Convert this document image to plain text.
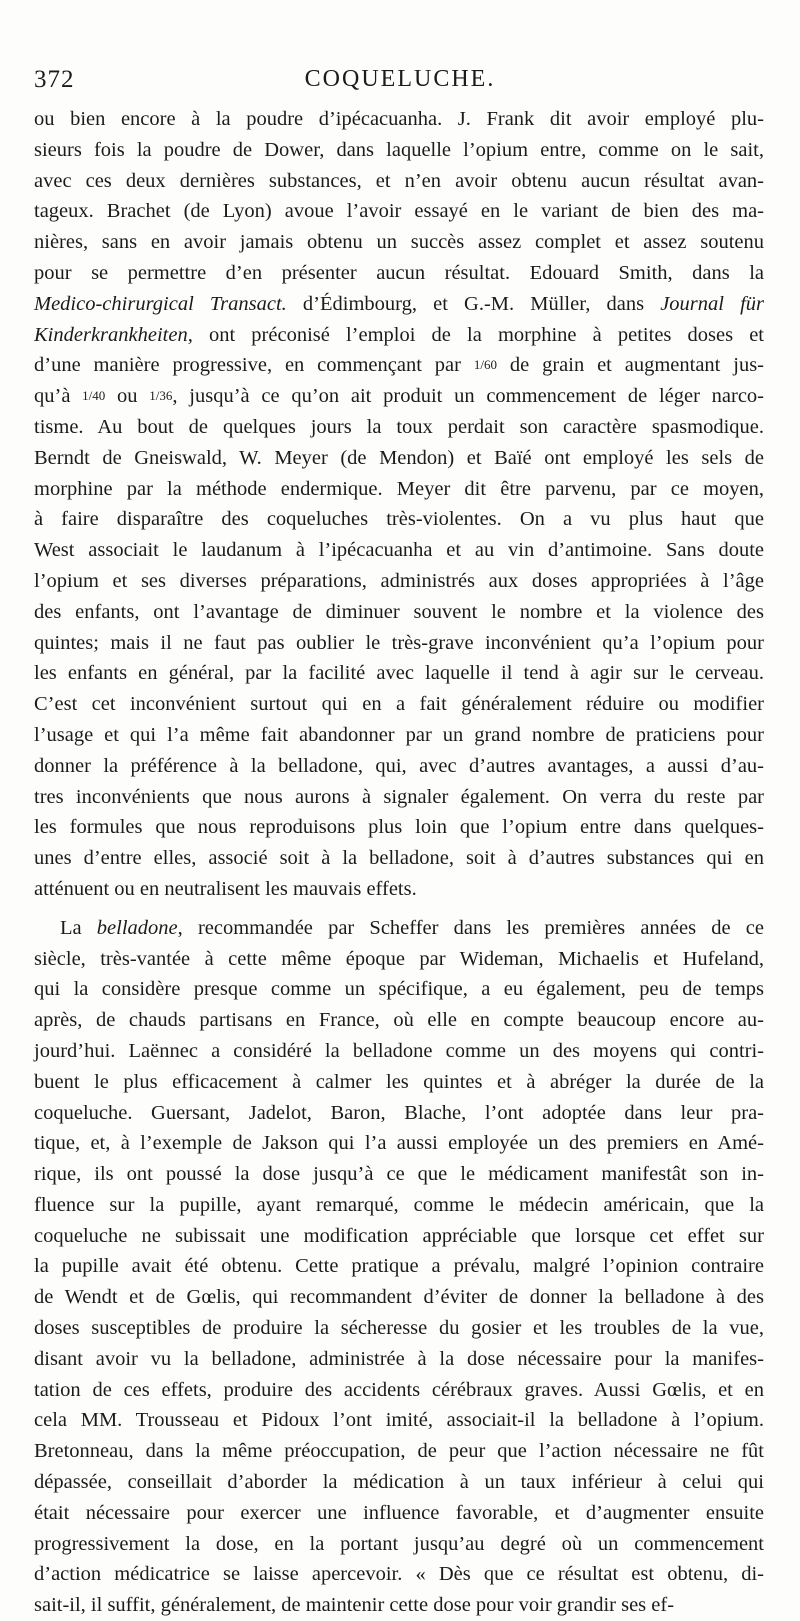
372	COQUELUCHE.
ou bien encore à la poudre d’ipécacuanha. J. Frank dit avoir employé plu-
sieurs fois la poudre de Dower, dans laquelle l’opium entre, comme on le sait,
avec ces deux dernières substances, et n’en avoir obtenu aucun résultat avan-
tageux. Brachet (de Lyon) avoue l’avoir essayé en le variant de bien des ma-
nières, sans en avoir jamais obtenu un succès assez complet et assez soutenu
pour se permettre d’en présenter aucun résultat. Edouard Smith, dans la
Medico-chirurgical Transact. d’Édimbourg, et G.-M. Müller, dans Journal für
Kinderkrankheiten, ont préconisé l’emploi de la morphine à petites doses et
d’une manière progressive, en commençant par 1/60 de grain et augmentant jus-
qu’à 1/40 ou 1/36, jusqu’à ce qu’on ait produit un commencement de léger narco-
tisme. Au bout de quelques jours la toux perdait son caractère spasmodique.
Berndt de Gneiswald, W. Meyer (de Mendon) et Baïé ont employé les sels de
morphine par la méthode endermique. Meyer dit être parvenu, par ce moyen,
à faire disparaître des coqueluches très-violentes. On a vu plus haut que
West associait le laudanum à l’ipécacuanha et au vin d’antimoine. Sans doute
l’opium et ses diverses préparations, administrés aux doses appropriées à l’âge
des enfants, ont l’avantage de diminuer souvent le nombre et la violence des
quintes; mais il ne faut pas oublier le très-grave inconvénient qu’a l’opium pour
les enfants en général, par la facilité avec laquelle il tend à agir sur le cerveau.
C’est cet inconvénient surtout qui en a fait généralement réduire ou modifier
l’usage et qui l’a même fait abandonner par un grand nombre de praticiens pour
donner la préférence à la belladone, qui, avec d’autres avantages, a aussi d’au-
tres inconvénients que nous aurons à signaler également. On verra du reste par
les formules que nous reproduisons plus loin que l’opium entre dans quelques-
unes d’entre elles, associé soit à la belladone, soit à d’autres substances qui en
atténuent ou en neutralisent les mauvais effets.
La belladone, recommandée par Scheffer dans les premières années de ce
siècle, très-vantée à cette même époque par Wideman, Michaelis et Hufeland,
qui la considère presque comme un spécifique, a eu également, peu de temps
après, de chauds partisans en France, où elle en compte beaucoup encore au-
jourd’hui. Laënnec a considéré la belladone comme un des moyens qui contri-
buent le plus efficacement à calmer les quintes et à abréger la durée de la
coqueluche. Guersant, Jadelot, Baron, Blache, l’ont adoptée dans leur pra-
tique, et, à l’exemple de Jakson qui l’a aussi employée un des premiers en Amé-
rique, ils ont poussé la dose jusqu’à ce que le médicament manifestât son in-
fluence sur la pupille, ayant remarqué, comme le médecin américain, que la
coqueluche ne subissait une modification appréciable que lorsque cet effet sur
la pupille avait été obtenu. Cette pratique a prévalu, malgré l’opinion contraire
de Wendt et de Gœlis, qui recommandent d’éviter de donner la belladone à des
doses susceptibles de produire la sécheresse du gosier et les troubles de la vue,
disant avoir vu la belladone, administrée à la dose nécessaire pour la manifes-
tation de ces effets, produire des accidents cérébraux graves. Aussi Gœlis, et en
cela MM. Trousseau et Pidoux l’ont imité, associait-il la belladone à l’opium.
Bretonneau, dans la même préoccupation, de peur que l’action nécessaire ne fût
dépassée, conseillait d’aborder la médication à un taux inférieur à celui qui
était nécessaire pour exercer une influence favorable, et d’augmenter ensuite
progressivement la dose, en la portant jusqu’au degré où un commencement
d’action médicatrice se laisse apercevoir. « Dès que ce résultat est obtenu, di-
sait-il, il suffit, généralement, de maintenir cette dose pour voir grandir ses ef-
